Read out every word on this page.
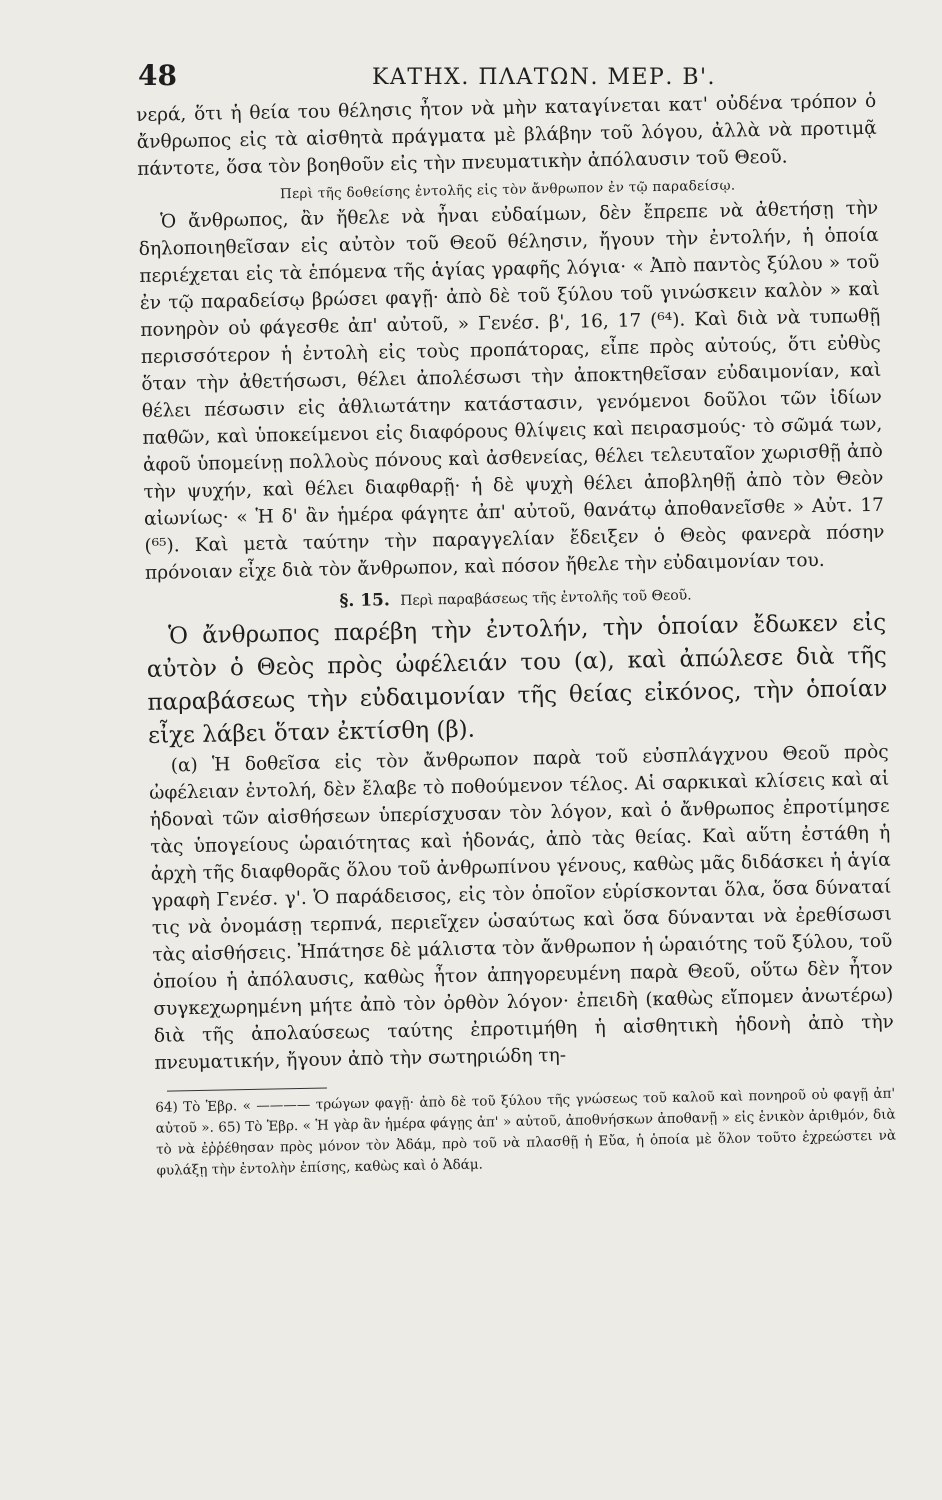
48	ΚΑΤΗΧ. ΠΛΑΤΩΝ. ΜΕΡ. Β'.

νερά, ὅτι ἡ θεία του θέλησις ἦτον νὰ μὴν καταγίνεται κατ' οὐδένα τρόπον ὁ ἄνθρωπος εἰς τὰ αἰσθητὰ πράγματα μὲ βλάβην τοῦ λόγου, ἀλλὰ νὰ προτιμᾷ πάντοτε, ὅσα τὸν βοηθοῦν εἰς τὴν πνευματικὴν ἀπόλαυσιν τοῦ Θεοῦ.

Περὶ τῆς δοθείσης ἐντολῆς εἰς τὸν ἄνθρωπον ἐν τῷ παραδείσῳ.

Ὁ ἄνθρωπος, ἂν ἤθελε νὰ ἦναι εὐδαίμων, δὲν ἔπρεπε νὰ ἀθετήσῃ τὴν δηλοποιηθεῖσαν εἰς αὐτὸν τοῦ Θεοῦ θέλησιν, ἤγουν τὴν ἐντολήν, ἡ ὁποία περιέχεται εἰς τὰ ἑπόμενα τῆς ἁγίας γραφῆς λόγια· « Ἀπὸ παντὸς ξύλου » τοῦ ἐν τῷ παραδείσῳ βρώσει φαγῇ· ἀπὸ δὲ τοῦ ξύλου τοῦ γινώσκειν καλὸν » καὶ πονηρὸν οὐ φάγεσθε ἀπ' αὐτοῦ, » Γενέσ. β', 16, 17 (⁶⁴). Καὶ διὰ νὰ τυπωθῇ περισσότερον ἡ ἐντολὴ εἰς τοὺς προπάτορας, εἶπε πρὸς αὐτούς, ὅτι εὐθὺς ὅταν τὴν ἀθετήσωσι, θέλει ἀπολέσωσι τὴν ἀποκτηθεῖσαν εὐδαιμονίαν, καὶ θέλει πέσωσιν εἰς ἀθλιωτάτην κατάστασιν, γενόμενοι δοῦλοι τῶν ἰδίων παθῶν, καὶ ὑποκείμενοι εἰς διαφόρους θλίψεις καὶ πειρασμούς· τὸ σῶμά των, ἀφοῦ ὑπομείνῃ πολλοὺς πόνους καὶ ἀσθενείας, θέλει τελευταῖον χωρισθῇ ἀπὸ τὴν ψυχήν, καὶ θέλει διαφθαρῇ· ἡ δὲ ψυχὴ θέλει ἀποβληθῇ ἀπὸ τὸν Θεὸν αἰωνίως· « Ἡ δ' ἂν ἡμέρα φάγητε ἀπ' αὐτοῦ, θανάτῳ ἀποθανεῖσθε » Αὐτ. 17 (⁶⁵). Καὶ μετὰ ταύτην τὴν παραγγελίαν ἔδειξεν ὁ Θεὸς φανερὰ πόσην πρόνοιαν εἶχε διὰ τὸν ἄνθρωπον, καὶ πόσον ἤθελε τὴν εὐδαιμονίαν του.

§. 15. Περὶ παραβάσεως τῆς ἐντολῆς τοῦ Θεοῦ.

Ὁ ἄνθρωπος παρέβη τὴν ἐντολήν, τὴν ὁποίαν ἔδωκεν εἰς αὐτὸν ὁ Θεὸς πρὸς ὠφέλειάν του (α), καὶ ἀπώλεσε διὰ τῆς παραβάσεως τὴν εὐδαιμονίαν τῆς θείας εἰκόνος, τὴν ὁποίαν εἶχε λάβει ὅταν ἐκτίσθη (β).

(α) Ἡ δοθεῖσα εἰς τὸν ἄνθρωπον παρὰ τοῦ εὐσπλάγχνου Θεοῦ πρὸς ὠφέλειαν ἐντολή, δὲν ἔλαβε τὸ ποθούμενον τέλος. Αἱ σαρκικαὶ κλίσεις καὶ αἱ ἡδοναὶ τῶν αἰσθήσεων ὑπερίσχυσαν τὸν λόγον, καὶ ὁ ἄνθρωπος ἐπροτίμησε τὰς ὑπογείους ὡραιότητας καὶ ἡδονάς, ἀπὸ τὰς θείας. Καὶ αὕτη ἐστάθη ἡ ἀρχὴ τῆς διαφθορᾶς ὅλου τοῦ ἀνθρωπίνου γένους, καθὼς μᾶς διδάσκει ἡ ἁγία γραφὴ Γενέσ. γ'. Ὁ παράδεισος, εἰς τὸν ὁποῖον εὑρίσκονται ὅλα, ὅσα δύναταί τις νὰ ὀνομάσῃ τερπνά, περιεῖχεν ὡσαύτως καὶ ὅσα δύνανται νὰ ἐρεθίσωσι τὰς αἰσθήσεις. Ἠπάτησε δὲ μάλιστα τὸν ἄνθρωπον ἡ ὡραιότης τοῦ ξύλου, τοῦ ὁποίου ἡ ἀπόλαυσις, καθὼς ἦτον ἀπηγορευμένη παρὰ Θεοῦ, οὕτω δὲν ἦτον συγκεχωρημένη μήτε ἀπὸ τὸν ὀρθὸν λόγον· ἐπειδὴ (καθὼς εἴπομεν ἀνωτέρω) διὰ τῆς ἀπολαύσεως ταύτης ἐπροτιμήθη ἡ αἰσθητικὴ ἡδονὴ ἀπὸ τὴν πνευματικήν, ἤγουν ἀπὸ τὴν σωτηριώδη τη-

64) Τὸ Ἑβρ. « ———— τρώγων φαγῇ· ἀπὸ δὲ τοῦ ξύλου τῆς γνώσεως τοῦ καλοῦ καὶ πονηροῦ οὐ φαγῇ ἀπ' αὐτοῦ ». 65) Τὸ Ἑβρ. « Ἡ γὰρ ἂν ἡμέρα φάγῃς ἀπ' » αὐτοῦ, ἀποθνήσκων ἀποθανῇ » εἰς ἑνικὸν ἀριθμόν, διὰ τὸ νὰ ἐῤῥέθησαν πρὸς μόνον τὸν Ἀδάμ, πρὸ τοῦ νὰ πλασθῇ ἡ Εὔα, ἡ ὁποία μὲ ὅλον τοῦτο ἐχρεώστει νὰ φυλάξῃ τὴν ἐντολὴν ἐπίσης, καθὼς καὶ ὁ Ἀδάμ.
